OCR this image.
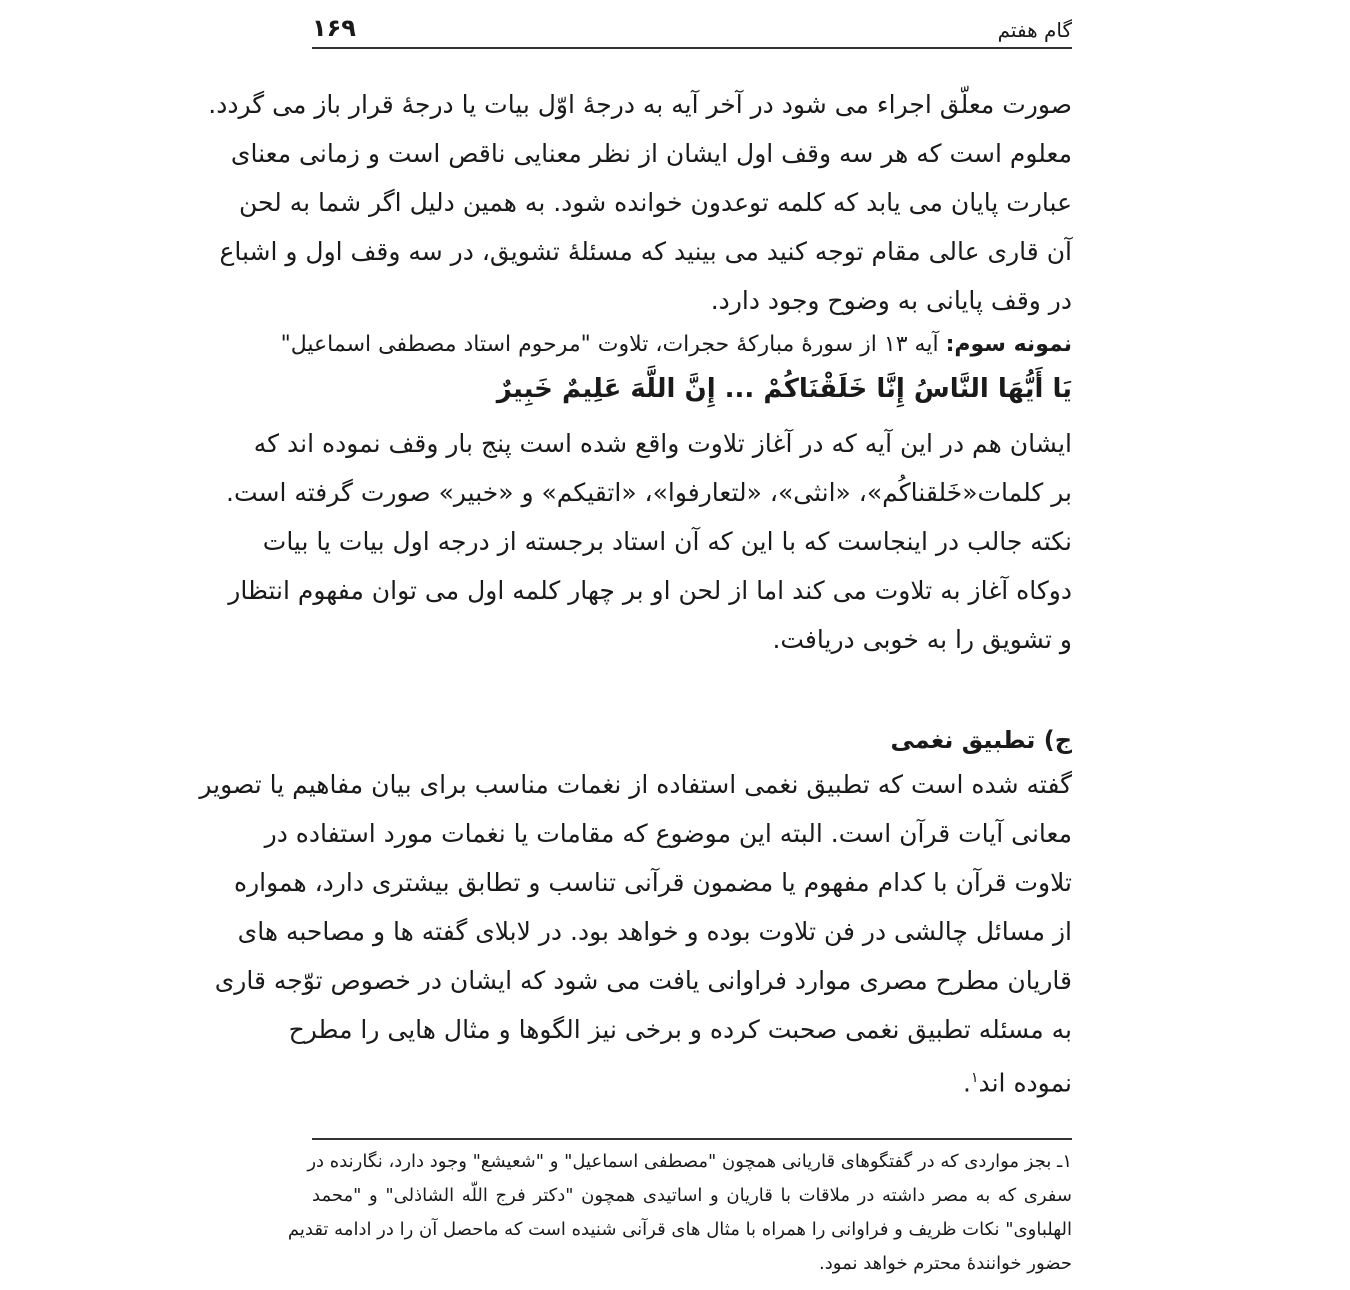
گام هفتم
۱۶۹
صورت معلّق اجراء می شود در آخر آیه به درجهٔ اوّل بیات یا درجهٔ قرار باز می گردد.
معلوم است که هر سه وقف اول ایشان از نظر معنایی ناقص است و زمانی معنای
عبارت پایان می یابد که کلمه توعدون خوانده شود. به همین دلیل اگر شما به لحن
آن قاری عالی مقام توجه کنید می بینید که مسئلهٔ تشویق، در سه وقف اول و اشباع
در وقف پایانی به وضوح وجود دارد.
نمونه سوم: آیه ۱۳ از سورهٔ مبارکهٔ حجرات، تلاوت "مرحوم استاد مصطفی اسماعیل"
يَا أَيُّهَا النَّاسُ إِنَّا خَلَقْنَاكُمْ ... إِنَّ اللَّهَ عَلِيمٌ خَبِيرٌ
ایشان هم در این آیه که در آغاز تلاوت واقع شده است پنج بار وقف نموده اند که
بر کلمات«خَلقناکُم»، «انثی»، «لتعارفوا»، «اتقیکم» و «خبیر» صورت گرفته است.
نکته جالب در اینجاست که با این که آن استاد برجسته از درجه اول بیات یا بیات
دوکاه آغاز به تلاوت می کند اما از لحن او بر چهار کلمه اول می توان مفهوم انتظار
و تشویق را به خوبی دریافت.
ج) تطبیق نغمی
گفته شده است که تطبیق نغمی استفاده از نغمات مناسب برای بیان مفاهیم یا تصویر
معانی آیات قرآن است. البته این موضوع که مقامات یا نغمات مورد استفاده در
تلاوت قرآن با کدام مفهوم یا مضمون قرآنی تناسب و تطابق بیشتری دارد، همواره
از مسائل چالشی در فن تلاوت بوده و خواهد بود. در لابلای گفته ها و مصاحبه های
قاریان مطرح مصری موارد فراوانی یافت می شود که ایشان در خصوص توّجه قاری
به مسئله تطبیق نغمی صحبت کرده و برخی نیز الگوها و مثال هایی را مطرح
نموده اند$^۱$.
۱ـ بجز مواردی که در گفتگوهای قاریانی همچون "مصطفی اسماعیل" و "شعیشع" وجود دارد، نگارنده در
سفری که به مصر داشته در ملاقات با قاریان و اساتیدی همچون "دکتر فرج اللّه الشاذلی" و "محمد
الهلباوی" نکات ظریف و فراوانی را همراه با مثال های قرآنی شنیده است که ماحصل آن را در ادامه تقدیم
حضور خوانندهٔ محترم خواهد نمود.
